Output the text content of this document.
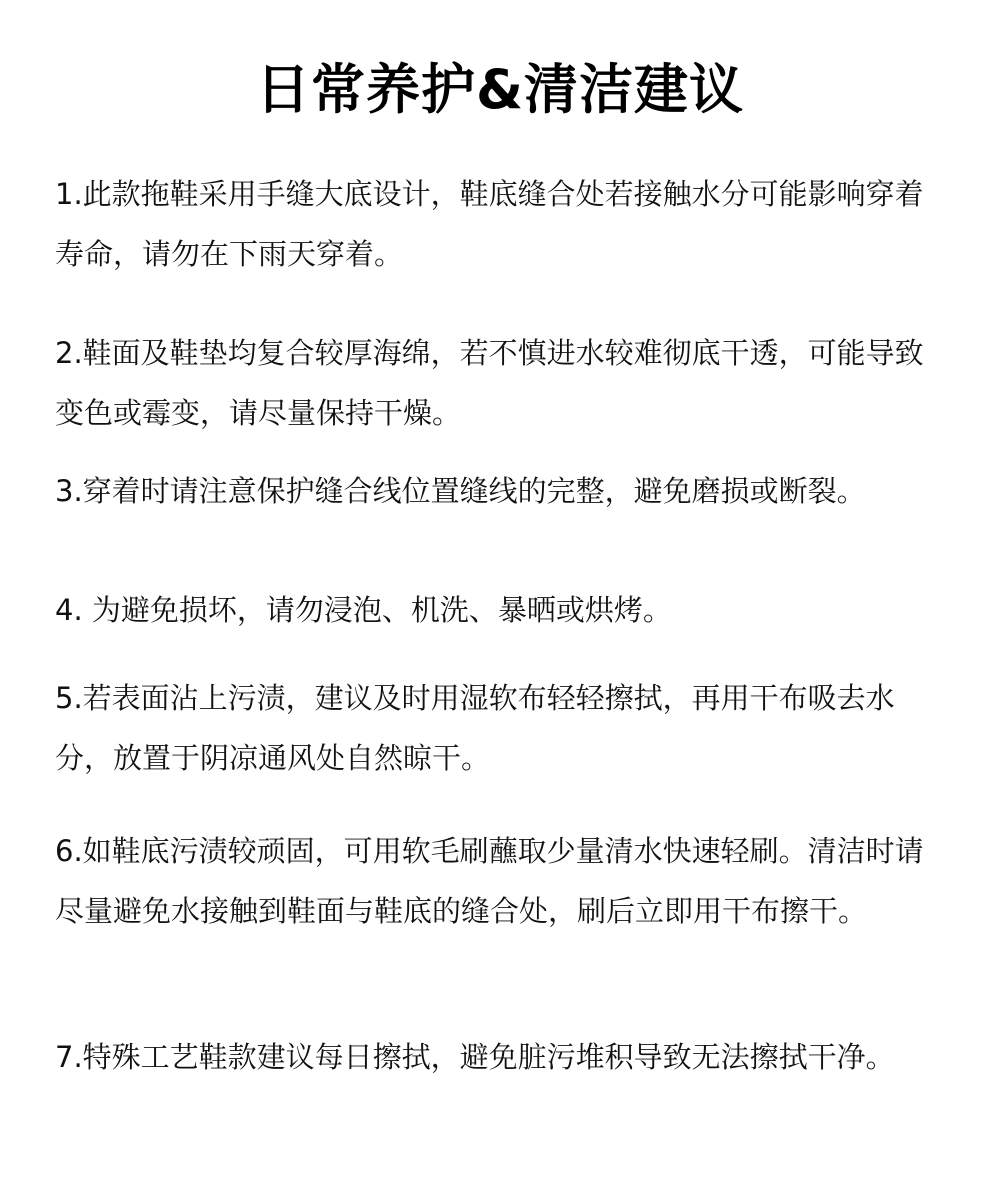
日常养护&清洁建议

1.此款拖鞋采用手缝大底设计，鞋底缝合处若接触水分可能影响穿着寿命，请勿在下雨天穿着。

2.鞋面及鞋垫均复合较厚海绵，若不慎进水较难彻底干透，可能导致变色或霉变，请尽量保持干燥。

3.穿着时请注意保护缝合线位置缝线的完整，避免磨损或断裂。

4. 为避免损坏，请勿浸泡、机洗、暴晒或烘烤。

5.若表面沾上污渍，建议及时用湿软布轻轻擦拭，再用干布吸去水分，放置于阴凉通风处自然晾干。

6.如鞋底污渍较顽固，可用软毛刷蘸取少量清水快速轻刷。清洁时请尽量避免水接触到鞋面与鞋底的缝合处，刷后立即用干布擦干。

7.特殊工艺鞋款建议每日擦拭，避免脏污堆积导致无法擦拭干净。
